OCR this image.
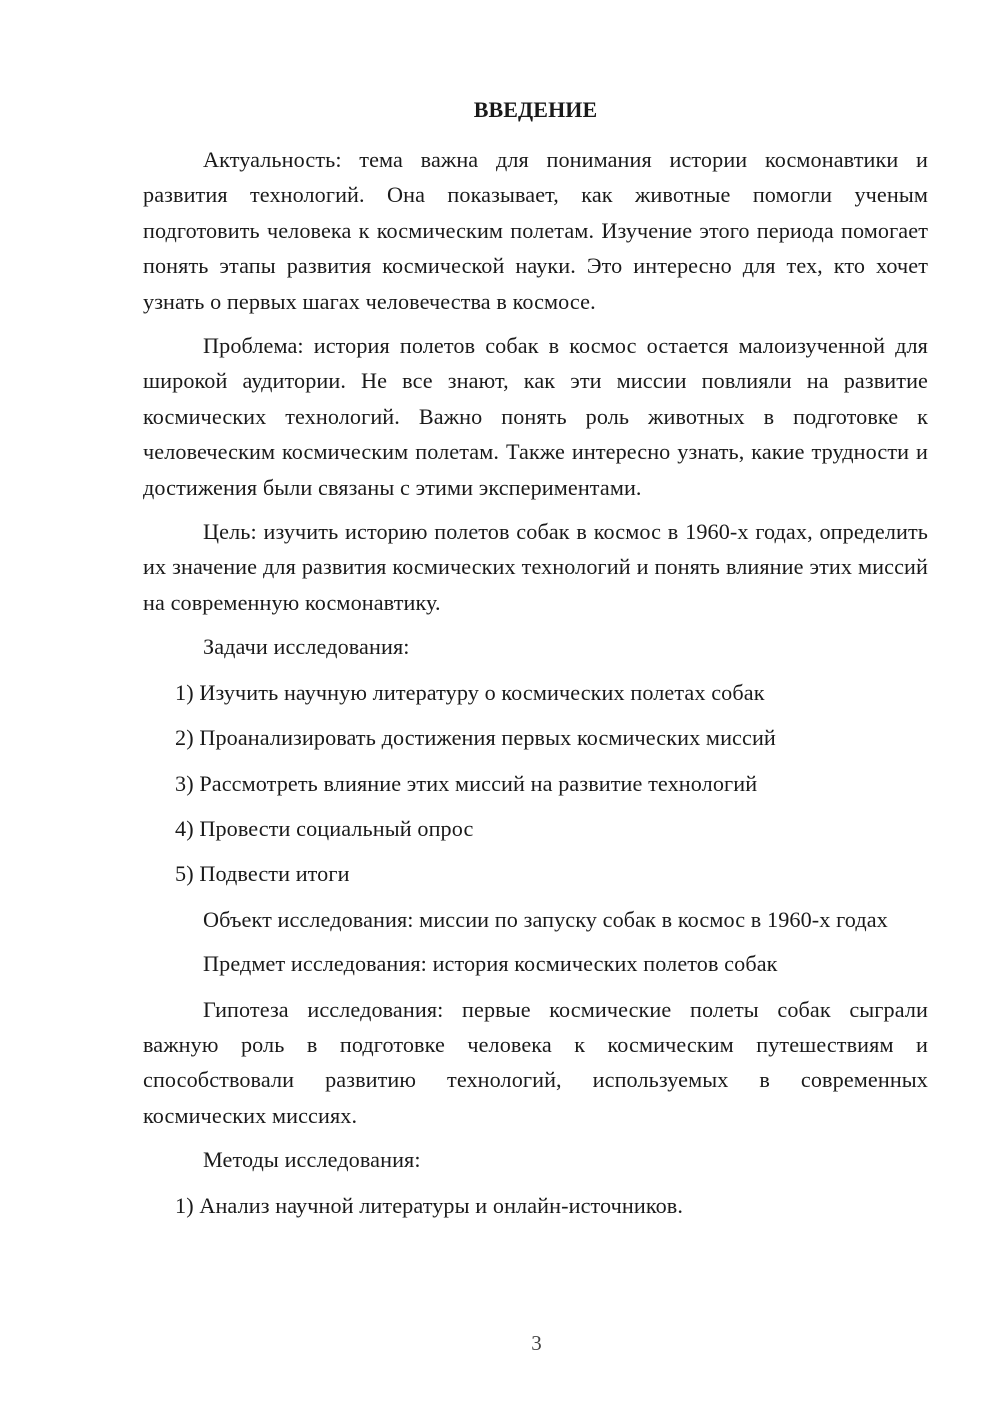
ВВЕДЕНИЕ

Актуальность: тема важна для понимания истории космонавтики и развития технологий. Она показывает, как животные помогли ученым подготовить человека к космическим полетам. Изучение этого периода помогает понять этапы развития космической науки. Это интересно для тех, кто хочет узнать о первых шагах человечества в космосе.

Проблема: история полетов собак в космос остается малоизученной для широкой аудитории. Не все знают, как эти миссии повлияли на развитие космических технологий. Важно понять роль животных в подготовке к человеческим космическим полетам. Также интересно узнать, какие трудности и достижения были связаны с этими экспериментами.

Цель: изучить историю полетов собак в космос в 1960-х годах, определить их значение для развития космических технологий и понять влияние этих миссий на современную космонавтику.

Задачи исследования:

1) Изучить научную литературу о космических полетах собак
2) Проанализировать достижения первых космических миссий
3) Рассмотреть влияние этих миссий на развитие технологий
4) Провести социальный опрос
5) Подвести итоги

Объект исследования: миссии по запуску собак в космос в 1960-х годах

Предмет исследования: история космических полетов собак

Гипотеза исследования: первые космические полеты собак сыграли важную роль в подготовке человека к космическим путешествиям и способствовали развитию технологий, используемых в современных космических миссиях.

Методы исследования:

1) Анализ научной литературы и онлайн-источников.
3
